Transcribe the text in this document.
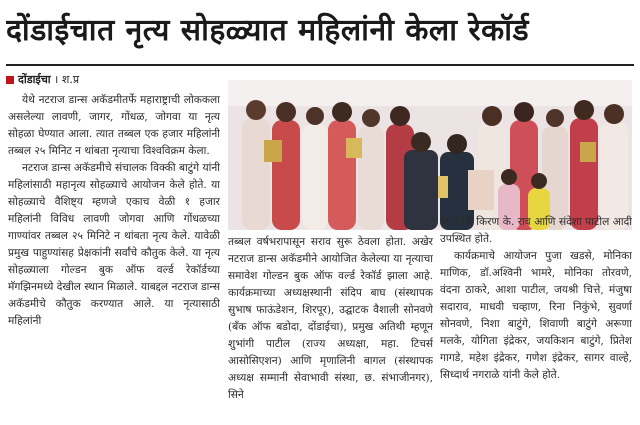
दोंडाईचात नृत्य सोहळ्यात महिलांनी केला रेकॉर्ड
दोंडाईचा । श.प्र

येथे नटराज डान्स अकॅडमीतर्फे महाराष्ट्राची लोककला असलेल्या लावणी, जागर, गोंधळ, जोगवा या नृत्य सोहळा घेण्यात आला. त्यात तब्बल एक हजार महिलांनी तब्बल २५ मिनिट न थांबता नृत्याचा विश्वविक्रम केला.

नटराज डान्स अकॅडमीचे संचालक विक्की बाटुंगे यांनी महिलांसाठी महानृत्य सोहळ्याचे आयोजन केले होते. या सोहळ्याचे वैशिष्ट्य म्हणजे एकाच वेळी १ हजार महिलांनी विविध लावणी जोगवा आणि गोंधळच्या गाण्यांवर तब्बल २५ मिनिटे न थांबता नृत्य केले. यावेळी प्रमुख पाहुण्यांसह प्रेक्षकांनी सर्वांचे कौतुक केले. या नृत्य सोहळ्याला गोल्डन बुक ऑफ वर्ल्ड रेकॉर्डच्या मॅगझिनमध्ये देखील स्थान मिळाले. याबद्दल नटराज डान्स अकॅडमीचे कौतुक करण्यात आले. या नृत्यासाठी महिलांनी

तब्बल वर्षभरापासून सराव सुरू ठेवला होता. अखेर नटराज डान्स अकॅडमीने आयोजित केलेल्या या नृत्याचा समावेश गोल्डन बुक ऑफ वर्ल्ड रेकॉर्ड झाला आहे. कार्यक्रमाच्या अध्यक्षस्थानी संदिप बाघ (संस्थापक सुभाष फाऊंडेशन, शिरपूर), उद्घाटक वैशाली सोनवणे (बँक ऑफ बडोदा, दोंडाईचा), प्रमुख अतिथी म्हणून शुभांगी पाटील (राज्य अध्यक्षा, महा. टिचर्स आसोसिएशन) आणि मृणालिनी बागल (संस्थापक अध्यक्ष सम्मानी सेवाभावी संस्था, छ. संभाजीनगर), सिने

अभिनेत्री किरण के. राव आणि संदेशा पाटील आदी उपस्थित होते.

कार्यक्रमाचे आयोजन पुजा खडसे, मोनिका माणिक, डॉ.अश्विनी भामरे, मोनिका तोरवणे, वंदना ठाकरे, आशा पाटील, जयश्री चित्ते, मंजुषा सदाराव, माधवी चव्हाण, रिना निकुंभे, सुवर्णा सोनवणे, निशा बाटुंगे, शिवाणी बाटुंगे अरूणा मलके, योगिता इंद्रेकर, जयकिशन बाटुंगे, प्रितेश गागडे, महेश इंद्रेकर, गणेश इंद्रेकर, सागर वाल्हे, सिध्दार्थ नगराळे यांनी केले होते.
